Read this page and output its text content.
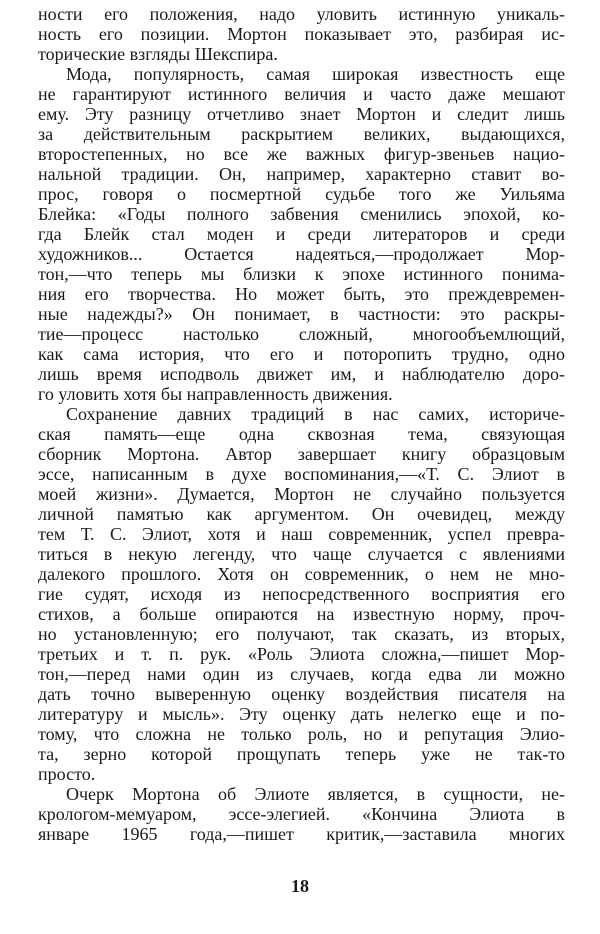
ности его положения, надо уловить истинную уникаль-
ность его позиции. Мортон показывает это, разбирая ис-
торические взгляды Шекспира.
Мода, популярность, самая широкая известность еще
не гарантируют истинного величия и часто даже мешают
ему. Эту разницу отчетливо знает Мортон и следит лишь
за действительным раскрытием великих, выдающихся,
второстепенных, но все же важных фигур-звеньев нацио-
нальной традиции. Он, например, характерно ставит во-
прос, говоря о посмертной судьбе того же Уильяма
Блейка: «Годы полного забвения сменились эпохой, ко-
гда Блейк стал моден и среди литераторов и среди
художников... Остается надеяться,—продолжает Мор-
тон,—что теперь мы близки к эпохе истинного понима-
ния его творчества. Но может быть, это преждевремен-
ные надежды?» Он понимает, в частности: это раскры-
тие—процесс настолько сложный, многообъемлющий,
как сама история, что его и поторопить трудно, одно
лишь время исподволь движет им, и наблюдателю доро-
го уловить хотя бы направленность движения.
Сохранение давних традиций в нас самих, историче-
ская память—еще одна сквозная тема, связующая
сборник Мортона. Автор завершает книгу образцовым
эссе, написанным в духе воспоминания,—«Т. С. Элиот в
моей жизни». Думается, Мортон не случайно пользуется
личной памятью как аргументом. Он очевидец, между
тем Т. С. Элиот, хотя и наш современник, успел превра-
титься в некую легенду, что чаще случается с явлениями
далекого прошлого. Хотя он современник, о нем не мно-
гие судят, исходя из непосредственного восприятия его
стихов, а больше опираются на известную норму, проч-
но установленную; его получают, так сказать, из вторых,
третьих и т. п. рук. «Роль Элиота сложна,—пишет Мор-
тон,—перед нами один из случаев, когда едва ли можно
дать точно выверенную оценку воздействия писателя на
литературу и мысль». Эту оценку дать нелегко еще и по-
тому, что сложна не только роль, но и репутация Элио-
та, зерно которой прощупать теперь уже не так-то
просто.
Очерк Мортона об Элиоте является, в сущности, не-
крологом-мемуаром, эссе-элегией. «Кончина Элиота в
январе 1965 года,—пишет критик,—заставила многих
18
